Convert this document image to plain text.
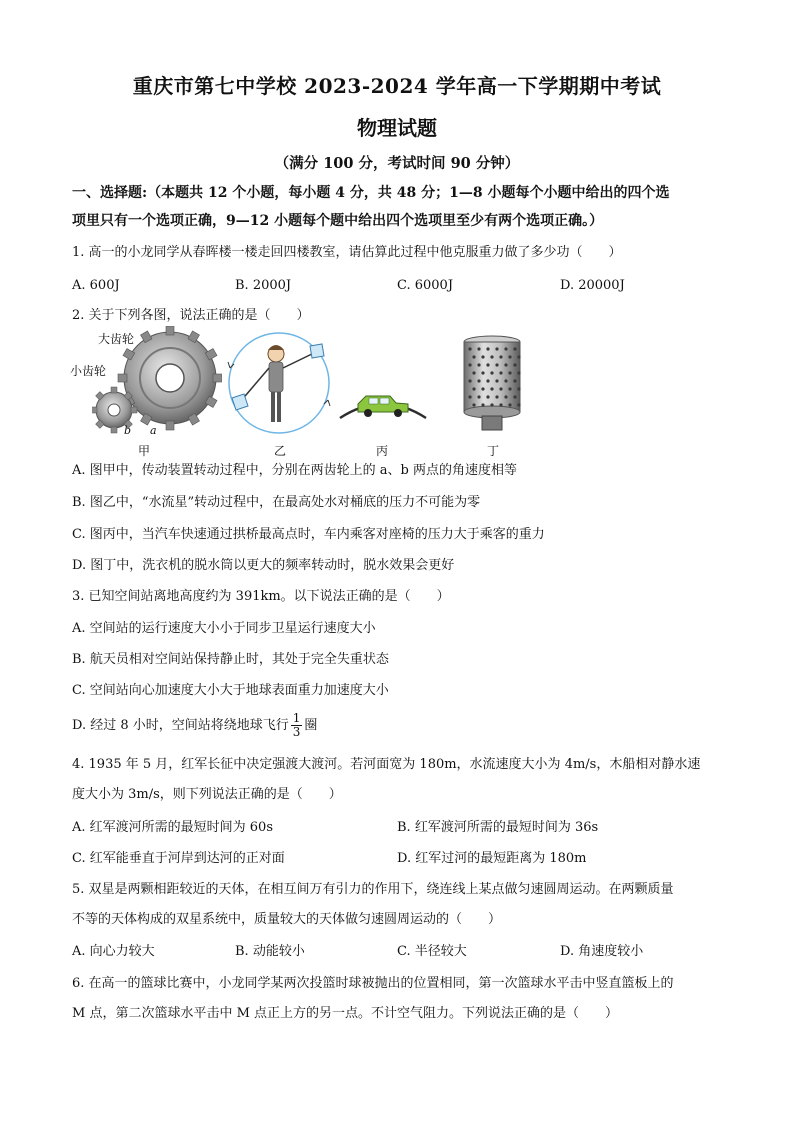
重庆市第七中学校 2023-2024 学年高一下学期期中考试
物理试题
（满分 100 分，考试时间 90 分钟）
一、选择题:（本题共 12 个小题，每小题 4 分，共 48 分；1—8 小题每个小题中给出的四个选
项里只有一个选项正确，9—12 小题每个题中给出四个选项里至少有两个选项正确。）
1. 高一的小龙同学从春晖楼一楼走回四楼教室，请估算此过程中他克服重力做了多少功（　　）
A. 600J	B. 2000J	C. 6000J	D. 20000J
2. 关于下列各图，说法正确的是（　　）
大齿轮
小齿轮
b a
甲	乙	丙	丁
A. 图甲中，传动装置转动过程中，分别在两齿轮上的 a、b 两点的角速度相等
B. 图乙中，“水流星”转动过程中，在最高处水对桶底的压力不可能为零
C. 图丙中，当汽车快速通过拱桥最高点时，车内乘客对座椅的压力大于乘客的重力
D. 图丁中，洗衣机的脱水筒以更大的频率转动时，脱水效果会更好
3. 已知空间站离地高度约为 391km。以下说法正确的是（　　）
A. 空间站的运行速度大小小于同步卫星运行速度大小
B. 航天员相对空间站保持静止时，其处于完全失重状态
C. 空间站向心加速度大小大于地球表面重力加速度大小
D. 经过 8 小时，空间站将绕地球飞行 $\frac{1}{3}$ 圈
4. 1935 年 5 月，红军长征中决定强渡大渡河。若河面宽为 180m，水流速度大小为 4m/s，木船相对静水速
度大小为 3m/s，则下列说法正确的是（　　）
A. 红军渡河所需的最短时间为 60s	B. 红军渡河所需的最短时间为 36s
C. 红军能垂直于河岸到达河的正对面	D. 红军过河的最短距离为 180m
5. 双星是两颗相距较近的天体，在相互间万有引力的作用下，绕连线上某点做匀速圆周运动。在两颗质量
不等的天体构成的双星系统中，质量较大的天体做匀速圆周运动的（　　）
A. 向心力较大	B. 动能较小	C. 半径较大	D. 角速度较小
6. 在高一的篮球比赛中，小龙同学某两次投篮时球被抛出的位置相同，第一次篮球水平击中竖直篮板上的
M 点，第二次篮球水平击中 M 点正上方的另一点。不计空气阻力。下列说法正确的是（　　）
